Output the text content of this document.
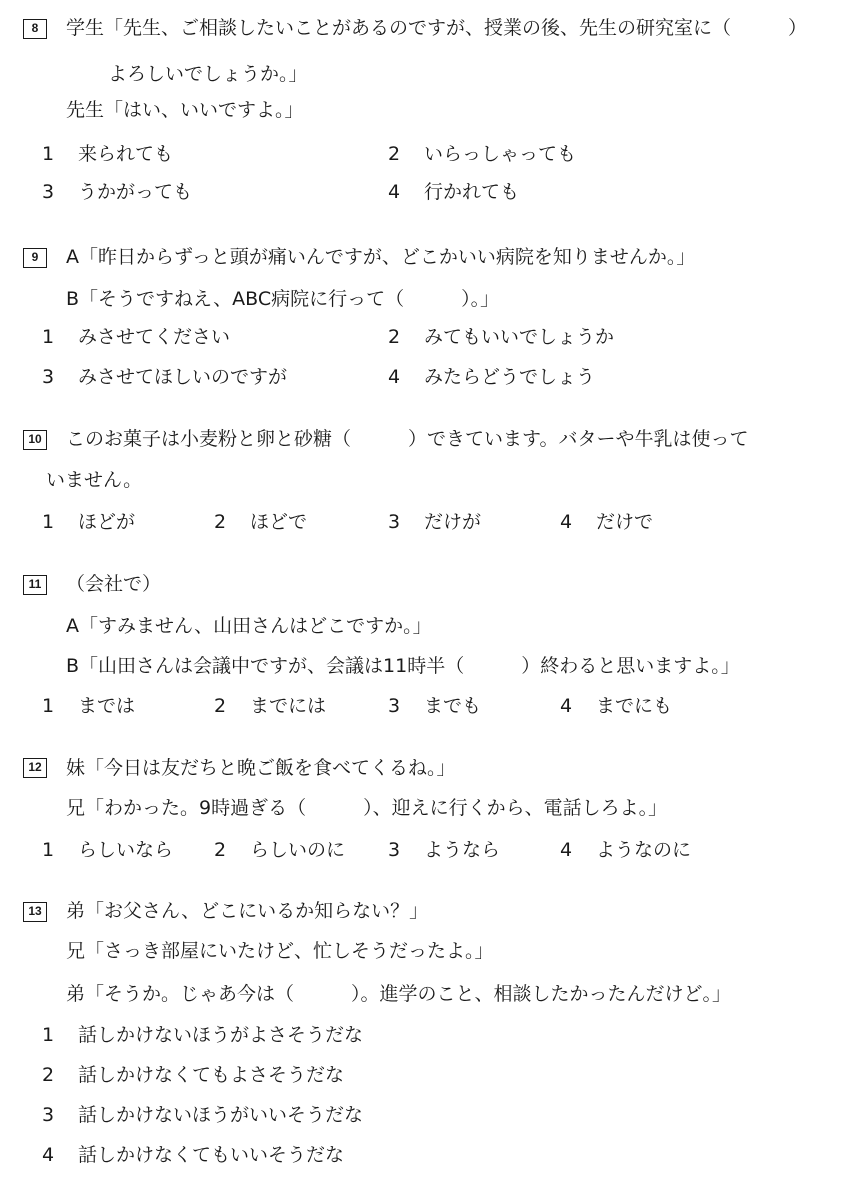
8	学生「先生、ご相談したいことがあるのですが、授業の後、先生の研究室に（　　　）
よろしいでしょうか。」
先生「はい、いいですよ。」
1	来られても	2	いらっしゃっても
3	うかがっても	4	行かれても
9	A「昨日からずっと頭が痛いんですが、どこかいい病院を知りませんか。」
B「そうですねえ、ABC病院に行って（　　　）。」
1	みさせてください	2	みてもいいでしょうか
3	みさせてほしいのですが	4	みたらどうでしょう
10 このお菓子は小麦粉と卵と砂糖（　　　）できています。バターや牛乳は使って
いません。
1	ほどが	2	ほどで	3	だけが	4	だけで
11 （会社で）
A「すみません、山田さんはどこですか。」
B「山田さんは会議中ですが、会議は11時半（　　　）終わると思いますよ。」
1	までは	2	までには	3	までも	4	までにも
12 妹「今日は友だちと晩ご飯を食べてくるね。」
兄「わかった。9時過ぎる（　　　）、迎えに行くから、電話しろよ。」
1	らしいなら 2	らしいのに 3	ようなら	4	ようなのに
13 弟「お父さん、どこにいるか知らない？」
兄「さっき部屋にいたけど、忙しそうだったよ。」
弟「そうか。じゃあ今は（　　　）。進学のこと、相談したかったんだけど。」
1	話しかけないほうがよさそうだな
2	話しかけなくてもよさそうだな
3	話しかけないほうがいいそうだな
4	話しかけなくてもいいそうだな
